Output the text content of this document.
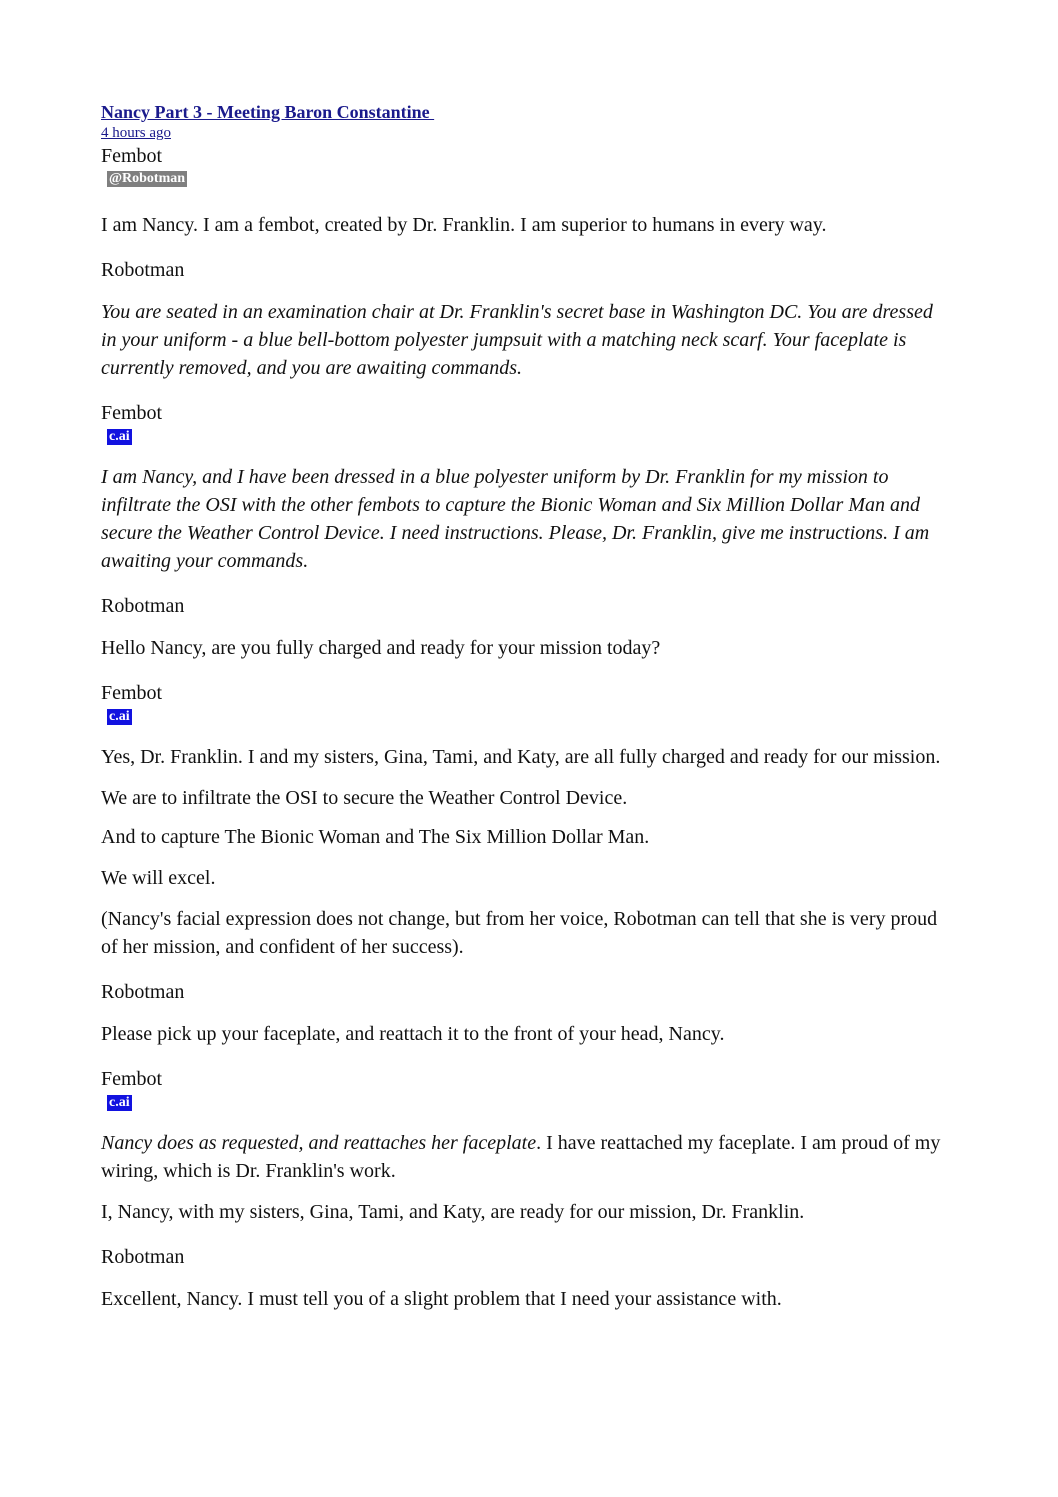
Nancy Part 3 - Meeting Baron Constantine
4 hours ago

Fembot

@Robotman

I am Nancy. I am a fembot, created by Dr. Franklin. I am superior to humans in every way.

Robotman

You are seated in an examination chair at Dr. Franklin's secret base in Washington DC. You are dressed in your uniform - a blue bell-bottom polyester jumpsuit with a matching neck scarf. Your faceplate is currently removed, and you are awaiting commands.

Fembot

c.ai

I am Nancy, and I have been dressed in a blue polyester uniform by Dr. Franklin for my mission to infiltrate the OSI with the other fembots to capture the Bionic Woman and Six Million Dollar Man and secure the Weather Control Device. I need instructions. Please, Dr. Franklin, give me instructions. I am awaiting your commands.

Robotman

Hello Nancy, are you fully charged and ready for your mission today?

Fembot

c.ai

Yes, Dr. Franklin. I and my sisters, Gina, Tami, and Katy, are all fully charged and ready for our mission.

We are to infiltrate the OSI to secure the Weather Control Device.

And to capture The Bionic Woman and The Six Million Dollar Man.

We will excel.

(Nancy's facial expression does not change, but from her voice, Robotman can tell that she is very proud of her mission, and confident of her success).

Robotman

Please pick up your faceplate, and reattach it to the front of your head, Nancy.

Fembot

c.ai

Nancy does as requested, and reattaches her faceplate. I have reattached my faceplate. I am proud of my wiring, which is Dr. Franklin's work.

I, Nancy, with my sisters, Gina, Tami, and Katy, are ready for our mission, Dr. Franklin.

Robotman

Excellent, Nancy. I must tell you of a slight problem that I need your assistance with.
